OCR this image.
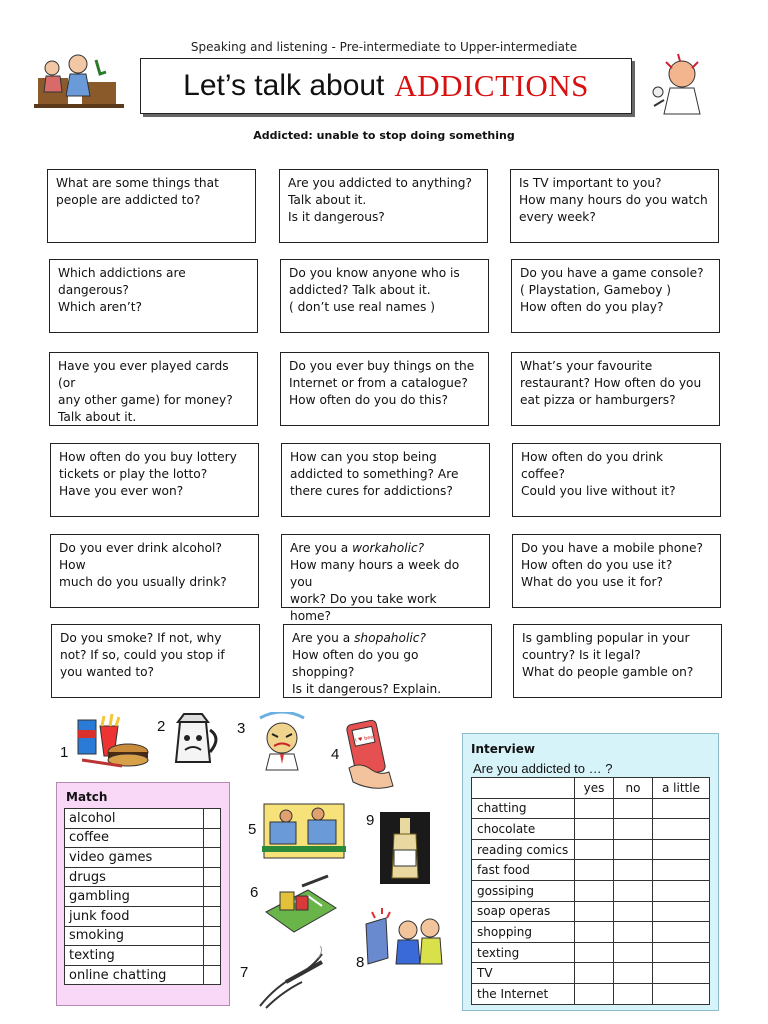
Speaking and listening - Pre-intermediate to Upper-intermediate
Let’s talk about ADDICTIONS
Addicted: unable to stop doing something
What are some things that
people are addicted to?
Are you addicted to anything?
Talk about it.
Is it dangerous?
Is TV important to you?
How many hours do you watch
every week?
Which addictions are
dangerous?
Which aren’t?
Do you know anyone who is
addicted? Talk about it.
( don’t use real names )
Do you have a game console?
( Playstation, Gameboy )
How often do you play?
Have you ever played cards (or
any other game) for money?
Talk about it.
Do you ever buy things on the
Internet or from a catalogue?
How often do you do this?
What’s your favourite
restaurant? How often do you
eat pizza or hamburgers?
How often do you buy lottery
tickets or play the lotto?
Have you ever won?
How can you stop being
addicted to something? Are
there cures for addictions?
How often do you drink
coffee?
Could you live without it?
Do you ever drink alcohol? How
much do you usually drink?
Are you a workaholic?
How many hours a week do you
work? Do you take work home?
Do you have a mobile phone?
How often do you use it?
What do you use it for?
Do you smoke? If not, why
not? If so, could you stop if
you wanted to?
Are you a shopaholic?
How often do you go shopping?
Is it dangerous? Explain.
Is gambling popular in your
country? Is it legal?
What do people gamble on?
1
2	3
4
5
6
7
8
9
I ♥ beer
Match
alcohol	
coffee	
video games	
drugs	
gambling	
junk food	
smoking	
texting	
online chatting	
Interview
Are you addicted to … ?
	yes	no	a little
chatting			
chocolate			
reading comics			
fast food			
gossiping			
soap operas			
shopping			
texting			
TV			
the Internet			
